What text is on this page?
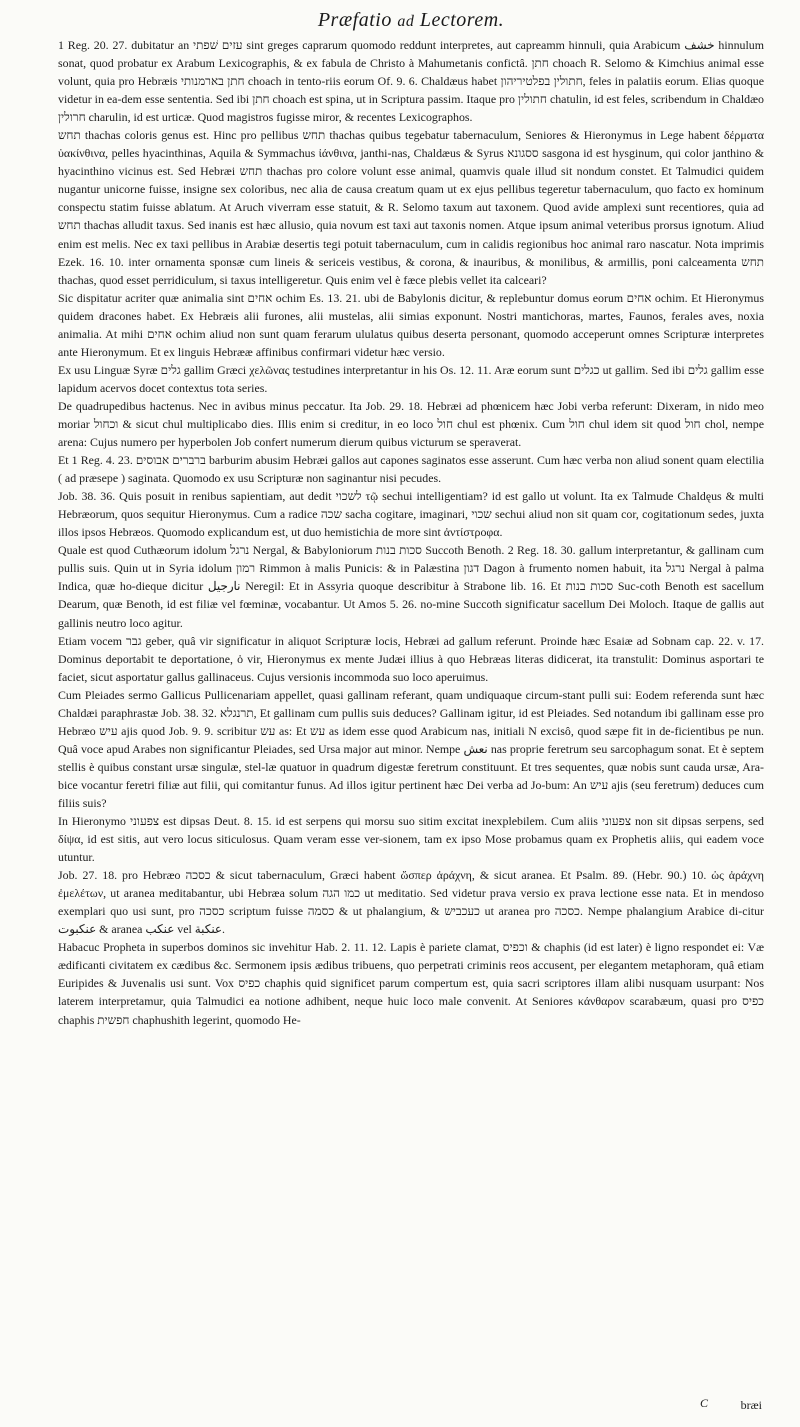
Præfatio ad Lectorem.

1 Reg. 20. 27. dubitatur an עזים שׁפתי sint greges caprarum quomodo reddunt interpretes, aut capreamm hinnuli, quia Arabicum خشف hinnulum sonat, quod probatur ex Arabum Lexicographis, & ex fabula de Christo à Mahumetanis confictâ. חתן choach R. Selomo & Kimchius animal esse volunt, quia pro Hebræis חתן בארמנותי choach in tento-riis eorum Of. 9. 6. Chaldæus habet חתולין בפלטיריהון, feles in palatiis eorum. Elias quoque videtur in ea-dem esse sententia. Sed ibi חתן choach est spina, ut in Scriptura passim. Itaque pro חתולין chatulin, id est feles, scribendum in Chaldæo חרולין charulin, id est urticæ. Quod magistros fugisse miror, & recentes Lexicographos.

תחש thachas coloris genus est. Hinc pro pellibus תחש thachas quibus tegebatur tabernaculum, Seniores & Hieronymus in Lege habent δέρματα ὑακίνθινα, pelles hyacinthinas, Aquila & Symmachus ἰάνθινα, janthi-nas, Chaldæus & Syrus ססגונא sasgona id est hysginum, qui color janthino & hyacinthino vicinus est. Sed Hebræi תחש thachas pro colore volunt esse animal, quamvis quale illud sit nondum constet. Et Talmudici quidem nugantur unicorne fuisse, insigne sex coloribus, nec alia de causa creatum quam ut ex ejus pellibus tegeretur tabernaculum, quo facto ex hominum conspectu statim fuisse ablatum. At Aruch viverram esse statuit, & R. Selomo taxum aut taxonem. Quod avide amplexi sunt recentiores, quia ad תחש thachas alludit taxus. Sed inanis est hæc allusio, quia novum est taxi aut taxonis nomen. Atque ipsum animal veteribus prorsus ignotum. Aliud enim est melis. Nec ex taxi pellibus in Arabiæ desertis tegi potuit tabernaculum, cum in calidis regionibus hoc animal raro nascatur. Nota imprimis Ezek. 16. 10. inter ornamenta sponsæ cum lineis & sericeis vestibus, & corona, & inauribus, & monilibus, & armillis, poni calceamenta תחש thachas, quod esset perridiculum, si taxus intelligeretur. Quis enim vel è fæce plebis vellet ita calceari?

Sic dispitatur acriter quæ animalia sint אחים ochim Es. 13. 21. ubi de Babylonis dicitur, & replebuntur domus eorum אחים ochim. Et Hieronymus quidem dracones habet. Ex Hebræis alii furones, alii mustelas, alii simias exponunt. Nostri mantichoras, martes, Faunos, ferales aves, noxia animalia. At mihi אחים ochim aliud non sunt quam ferarum ululatus quibus deserta personant, quomodo acceperunt omnes Scripturæ interpretes ante Hieronymum. Et ex linguis Hebrææ affinibus confirmari videtur hæc versio.

Ex usu Linguæ Syræ גלים gallim Græci χελῶνας testudines interpretantur in his Os. 12. 11. Aræ eorum sunt כגלים ut gallim. Sed ibi גלים gallim esse lapidum acervos docet contextus tota series.

De quadrupedibus hactenus. Nec in avibus minus peccatur. Ita Job. 29. 18. Hebræi ad phœnicem hæc Jobi verba referunt: Dixeram, in nido meo moriar וכחול & sicut chul multiplicabo dies. Illis enim si creditur, in eo loco חול chul est phœnix. Cum חול chul idem sit quod חול chol, nempe arena: Cujus numero per hyperbolen Job confert numerum dierum quibus victurum se speraverat.

Et 1 Reg. 4. 23. ברברים אבוסים barburim abusim Hebræi gallos aut capones saginatos esse asserunt. Cum hæc verba non aliud sonent quam electilia ( ad præsepe ) saginata. Quomodo ex usu Scripturæ non saginantur nisi pecudes.

Job. 38. 36. Quis posuit in renibus sapientiam, aut dedit לשכוי τῷ sechui intelligentiam? id est gallo ut volunt. Ita ex Talmude Chaldęus & multi Hebræorum, quos sequitur Hieronymus. Cum a radice שכה sacha cogitare, imaginari, שכוי sechui aliud non sit quam cor, cogitationum sedes, juxta illos ipsos Hebræos. Quomodo explicandum est, ut duo hemistichia de more sint ἀντίστροφα.

Quale est quod Cuthæorum idolum נרגל Nergal, & Babyloniorum סכות בנות Succoth Benoth. 2 Reg. 18. 30. gallum interpretantur, & gallinam cum pullis suis. Quin ut in Syria idolum רמון Rimmon à malis Punicis: & in Palæstina דגון Dagon à frumento nomen habuit, ita נרגל Nergal à palma Indica, quæ ho-dieque dicitur نارجيل Neregil: Et in Assyria quoque describitur à Strabone lib. 16. Et סכות בנות Suc-coth Benoth est sacellum Dearum, quæ Benoth, id est filiæ vel fœminæ, vocabantur. Ut Amos 5. 26. no-mine Succoth significatur sacellum Dei Moloch. Itaque de gallis aut gallinis neutro loco agitur.

Etiam vocem גבר geber, quâ vir significatur in aliquot Scripturæ locis, Hebræi ad gallum referunt. Proinde hæc Esaiæ ad Sobnam cap. 22. v. 17. Dominus deportabit te deportatione, ὁ vir, Hieronymus ex mente Judæi illius à quo Hebræas literas didicerat, ita transtulit: Dominus asportari te faciet, sicut asportatur gallus gallinaceus. Cujus versionis incommoda suo loco aperuimus.

Cum Pleiades sermo Gallicus Pullicenariam appellet, quasi gallinam referant, quam undiquaque circum-stant pulli sui: Eodem referenda sunt hæc Chaldæi paraphrastæ Job. 38. 32. תרנגלא, Et gallinam cum pullis suis deduces? Gallinam igitur, id est Pleiades. Sed notandum ibi gallinam esse pro Hebræo עיש ajis quod Job. 9. 9. scribitur עש as: Et עש as idem esse quod Arabicum nas, initiali N excisô, quod sæpe fit in de-ficientibus pe nun. Quâ voce apud Arabes non significantur Pleiades, sed Ursa major aut minor. Nempe نعش nas proprie feretrum seu sarcophagum sonat. Et è septem stellis è quibus constant ursæ singulæ, stel-læ quatuor in quadrum digestæ feretrum constituunt. Et tres sequentes, quæ nobis sunt cauda ursæ, Ara-bice vocantur feretri filiæ aut filii, qui comitantur funus. Ad illos igitur pertinent hæc Dei verba ad Jo-bum: An עיש ajis (seu feretrum) deduces cum filiis suis?

In Hieronymo צפעוני est dipsas Deut. 8. 15. id est serpens qui morsu suo sitim excitat inexplebilem. Cum aliis צפעוני non sit dipsas serpens, sed δίψα, id est sitis, aut vero locus siticulosus. Quam veram esse ver-sionem, tam ex ipso Mose probamus quam ex Prophetis aliis, qui eadem voce utuntur.

Job. 27. 18. pro Hebræo כסכה & sicut tabernaculum, Græci habent ὥσπερ ἀράχνη, & sicut aranea. Et Psalm. 89. (Hebr. 90.) 10. ὡς ἀράχνη ἐμελέτων, ut aranea meditabantur, ubi Hebræa solum כמו הגה ut meditatio. Sed videtur prava versio ex prava lectione esse nata. Et in mendoso exemplari quo usi sunt, pro כסכה scriptum fuisse כסמה & ut phalangium, & כעכביש ut aranea pro כסכה. Nempe phalangium Arabice di-citur عنكبوت & aranea عنكب vel عنكبة.

Habacuc Propheta in superbos dominos sic invehitur Hab. 2. 11. 12. Lapis è pariete clamat, וכפיס & chaphis (id est later) è ligno respondet ei: Væ ædificanti civitatem ex cædibus &c. Sermonem ipsis ædibus tribuens, quo perpetrati criminis reos accusent, per elegantem metaphoram, quâ etiam Euripides & Juvenalis usi sunt. Vox כפיס chaphis quid significet parum compertum est, quia sacri scriptores illam alibi nusquam usurpant: Nos laterem interpretamur, quia Talmudici ea notione adhibent, neque huic loco male convenit. At Seniores κάνθαρον scarabæum, quasi pro כפיס chaphis חפשית chaphushith legerint, quomodo He-

C	bræi
